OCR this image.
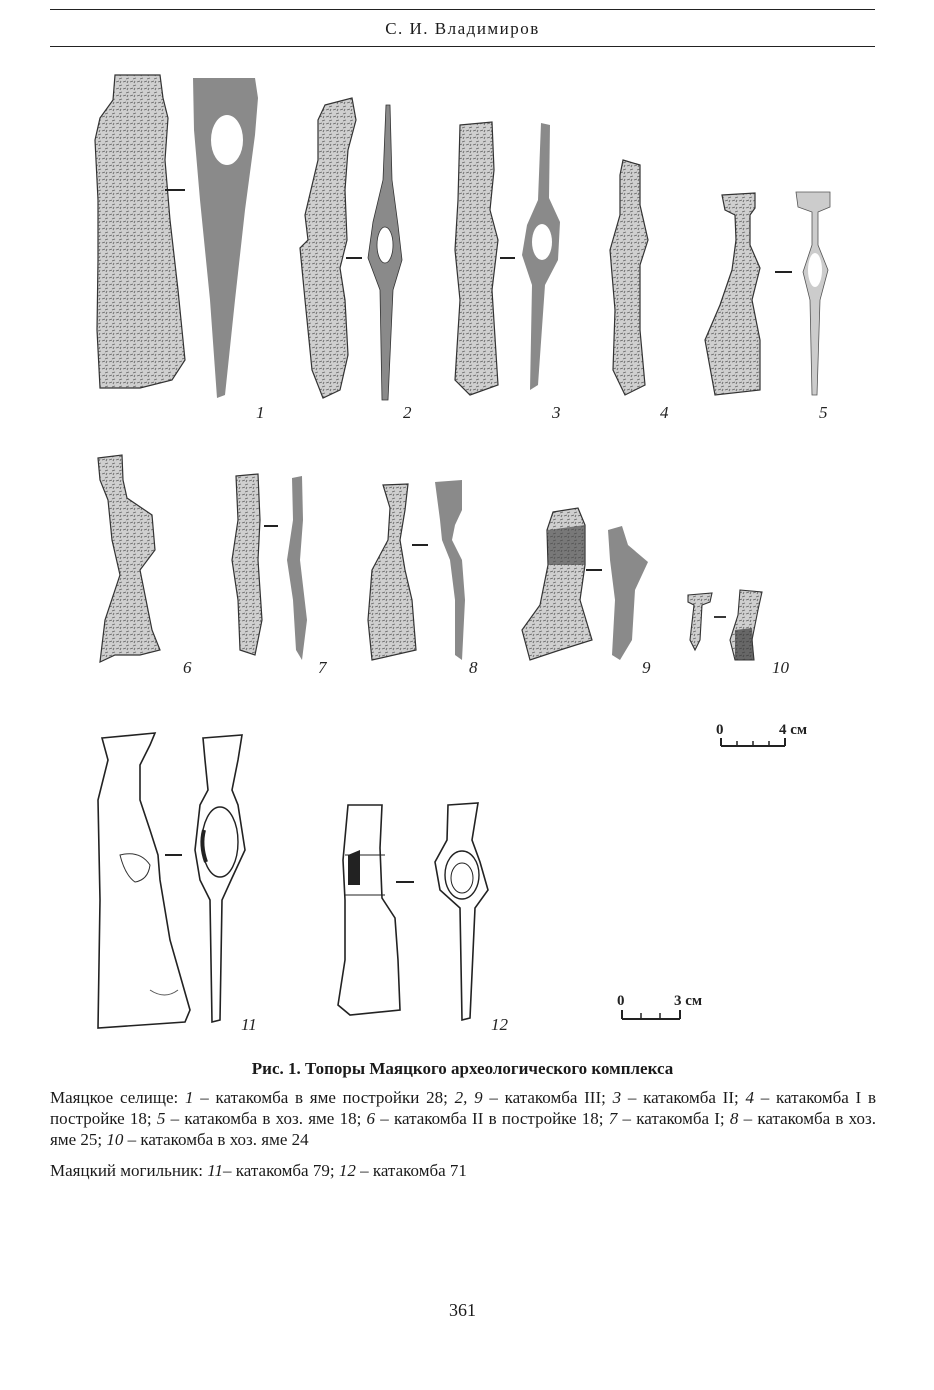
С. И. Владимиров
1	2	3	4	5
6	7	8	9	10
11	12
0	4 см
0	3 см
Рис. 1. Топоры Маяцкого археологического комплекса
Маяцкое селище: 1 – катакомба в яме постройки 28; 2, 9 – катакомба III; 3 – катакомба II; 4 – катакомба I в постройке 18; 5 – катакомба в хоз. яме 18; 6 – катакомба II в постройке 18; 7 – катакомба I; 8 – катакомба в хоз. яме 25; 10 – катакомба в хоз. яме 24
Маяцкий могильник: 11– катакомба 79; 12 – катакомба 71
361
